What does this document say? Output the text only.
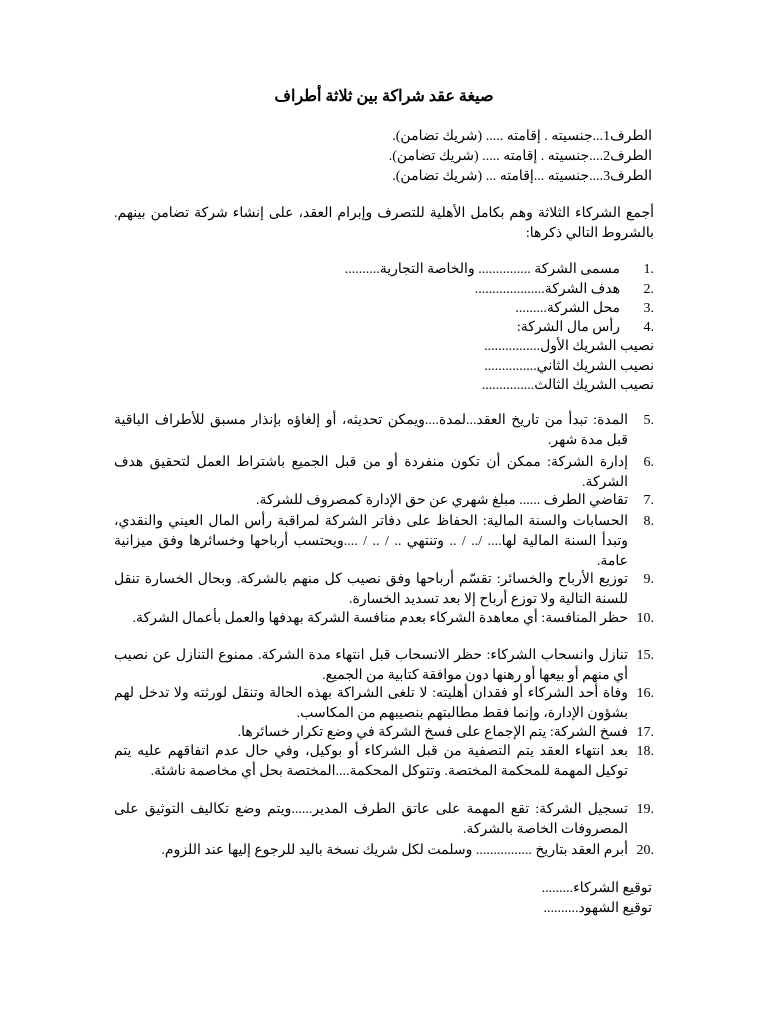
صيغة عقد شراكة بين ثلاثة أطراف
الطرف1...جنسيته . إقامته ..... (شريك تضامن).
الطرف2....جنسيته . إقامته ..... (شريك تضامن).
الطرف3....جنسيته ...إقامته ... (شريك تضامن).
أجمع الشركاء الثلاثة وهم بكامل الأهلية للتصرف وإبرام العقد، على إنشاء شركة تضامن بينهم. بالشروط التالي ذكرها:
1.
مسمى الشركة ............... والخاصة التجارية..........
2.
هدف الشركة....................
3.
محل الشركة.........
4.
رأس مال الشركة:
نصيب الشريك الأول................
نصيب الشريك الثاني...............
نصيب الشريك الثالث...............
5.
المدة: تبدأ من تاريخ العقد...لمدة....ويمكن تحديثه، أو إلغاؤه بإنذار مسبق للأطراف الباقية قبل مدة شهر.
6.
إدارة الشركة: ممكن أن تكون منفردة أو من قبل الجميع باشتراط العمل لتحقيق هدف الشركة.
7.
تقاضي الطرف ...... مبلغ شهري عن حق الإدارة كمصروف للشركة.
8.
الحسابات والسنة المالية: الحفاظ على دفاتر الشركة لمراقبة رأس المال العيني والنقدي، وتبدأ السنة المالية لها.... /.. / .. وتنتهي .. / .. / ....ويحتسب أرباحها وخسائرها وفق ميزانية عامة.
9.
توزيع الأرباح والخسائر: تقسّم أرباحها وفق نصيب كل منهم بالشركة. وبحال الخسارة تنقل للسنة التالية ولا توزع أرباح إلا بعد تسديد الخسارة.
10.
حظر المنافسة: أي معاهدة الشركاء بعدم منافسة الشركة بهدفها والعمل بأعمال الشركة.
15.
تنازل وانسحاب الشركاء: حظر الانسحاب قبل انتهاء مدة الشركة. ممنوع التنازل عن نصيب أي منهم أو بيعها أو رهنها دون موافقة كتابية من الجميع.
16.
وفاة أحد الشركاء أو فقدان أهليته: لا تلغى الشراكة بهذه الحالة وتنقل لورثته ولا تدخل لهم بشؤون الإدارة، وإنما فقط مطالبتهم بنصيبهم من المكاسب.
17.
فسخ الشركة: يتم الإجماع على فسخ الشركة في وضع تكرار خسائرها.
18.
بعد انتهاء العقد يتم التصفية من قبل الشركاء أو بوكيل، وفي حال عدم اتفاقهم عليه يتم توكيل المهمة للمحكمة المختصة. وتتوكل المحكمة....المختصة بحل أي مخاصمة ناشئة.
19.
تسجيل الشركة: تقع المهمة على عاتق الطرف المدير......ويتم وضع تكاليف التوثيق على المصروفات الخاصة بالشركة.
20.
أبرم العقد بتاريخ ................ وسلمت لكل شريك نسخة باليد للرجوع إليها عند اللزوم.
توقيع الشركاء.........
توقيع الشهود..........
